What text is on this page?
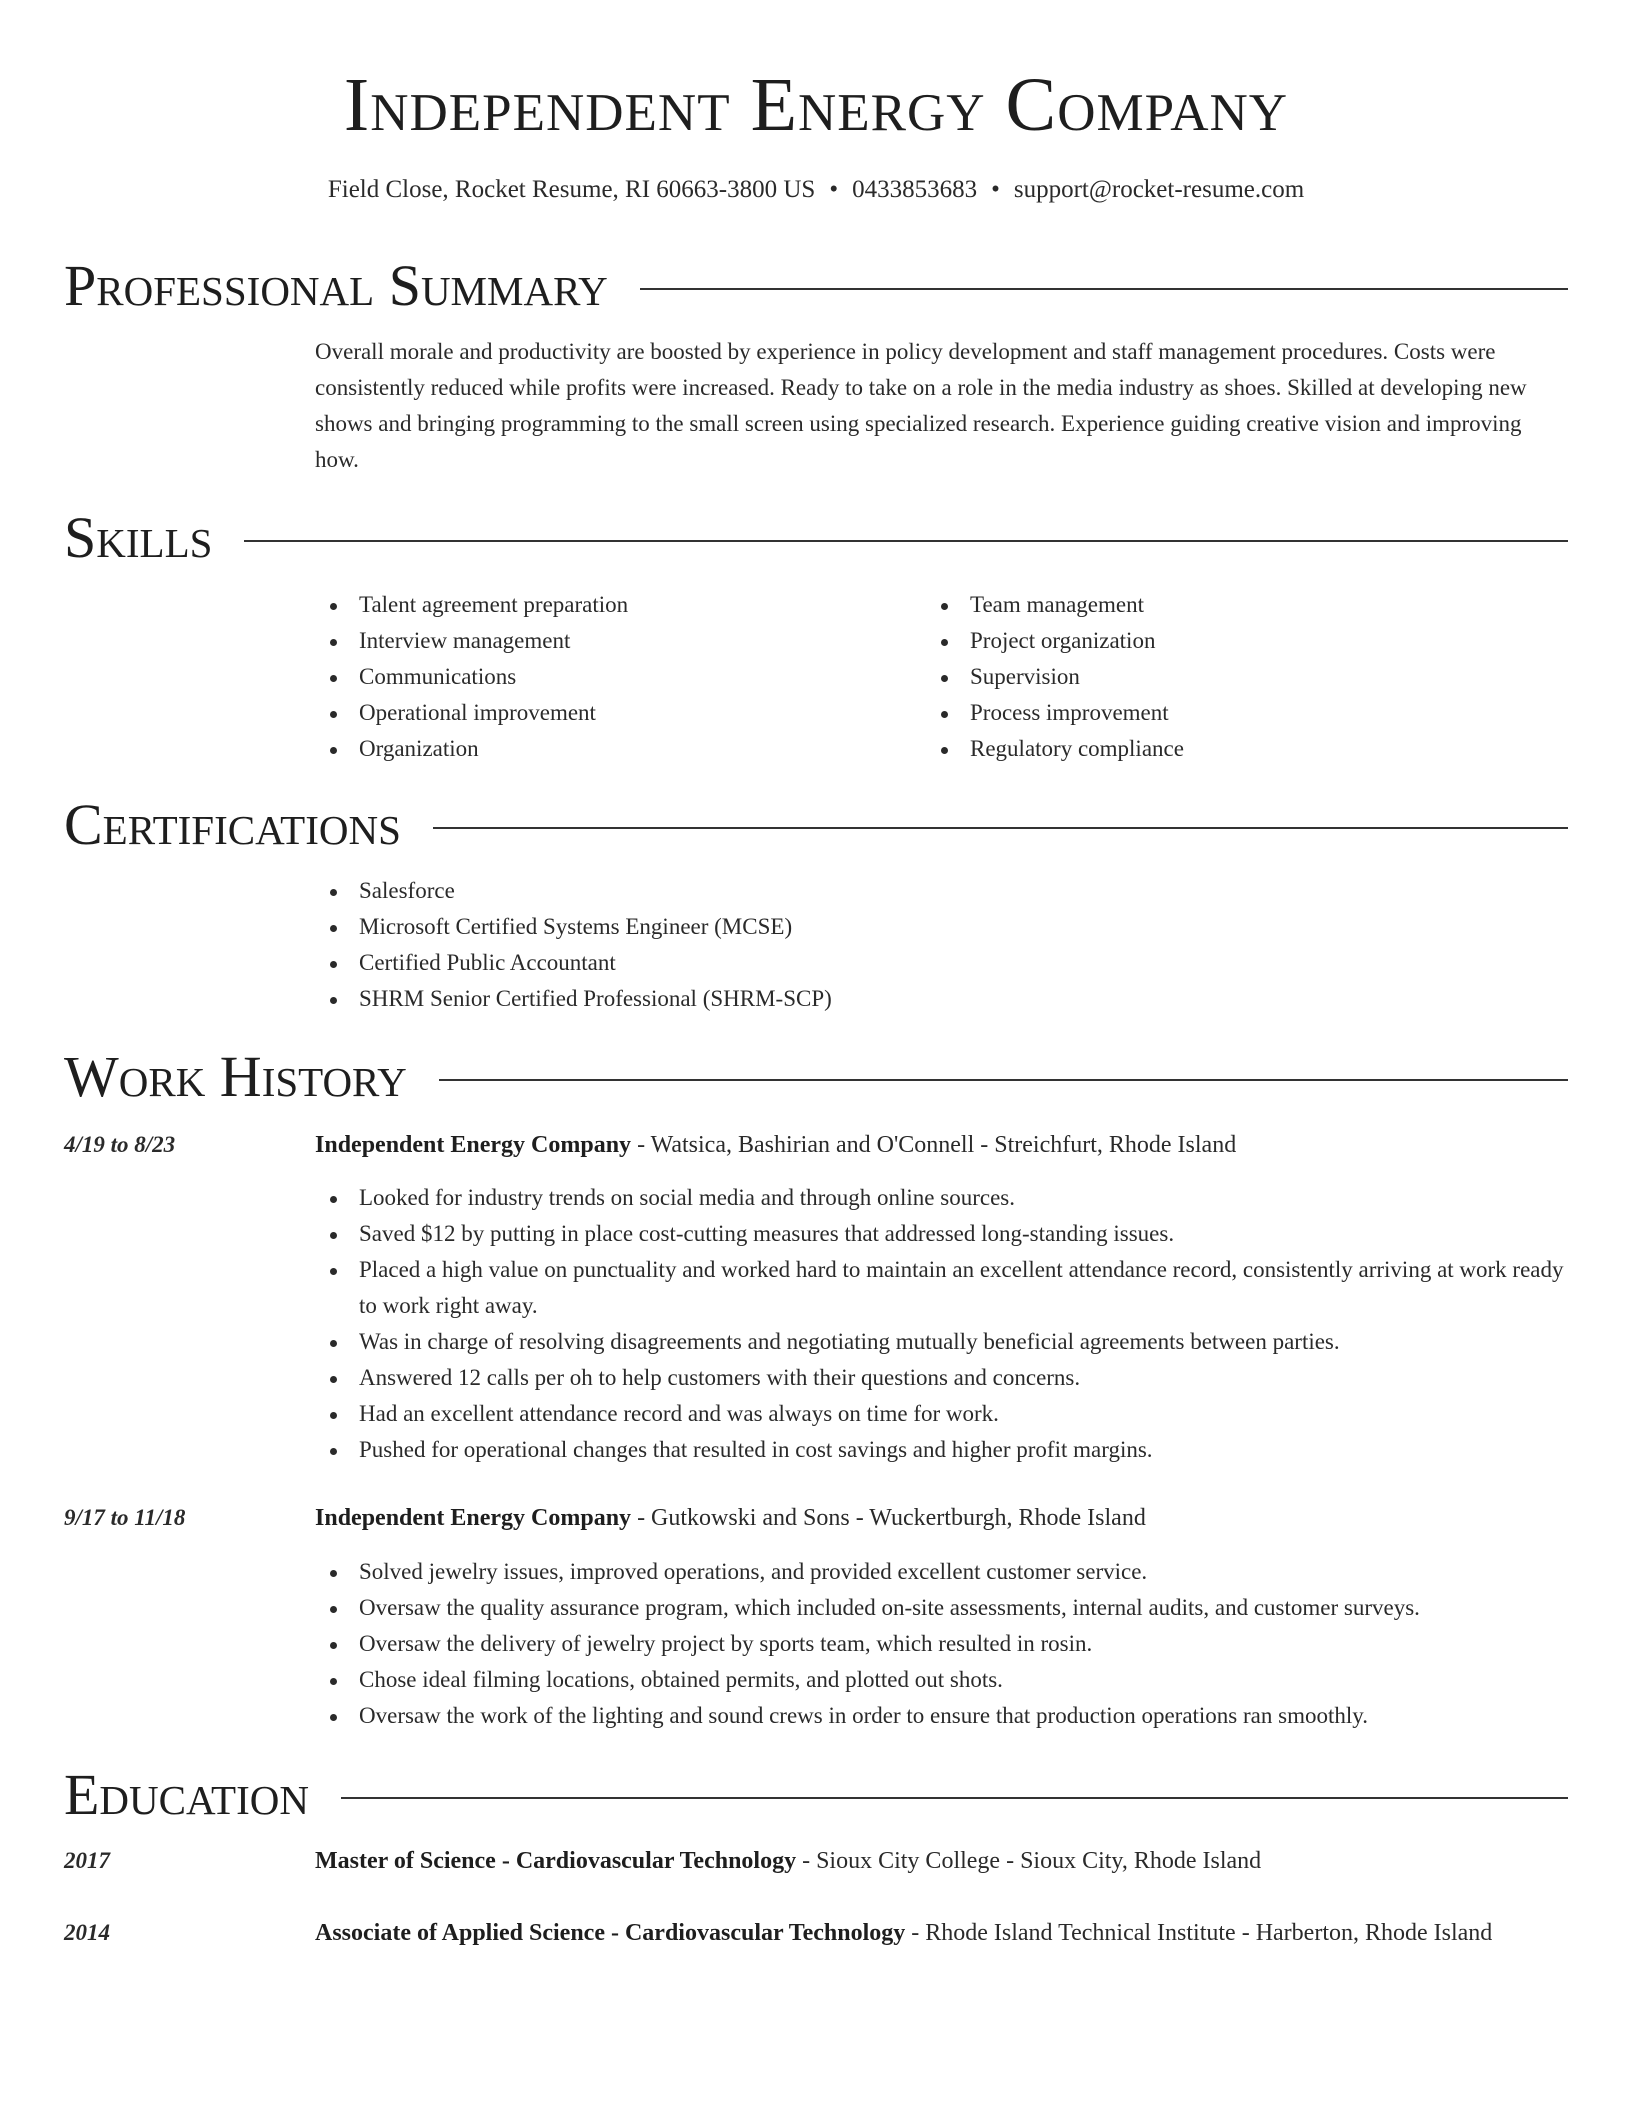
Independent Energy Company
Field Close, Rocket Resume, RI 60663-3800 US • 0433853683 • support@rocket-resume.com
Professional Summary
Overall morale and productivity are boosted by experience in policy development and staff management procedures. Costs were consistently reduced while profits were increased. Ready to take on a role in the media industry as shoes. Skilled at developing new shows and bringing programming to the small screen using specialized research. Experience guiding creative vision and improving how.
Skills
Talent agreement preparation
Interview management
Communications
Operational improvement
Organization
Team management
Project organization
Supervision
Process improvement
Regulatory compliance
Certifications
Salesforce
Microsoft Certified Systems Engineer (MCSE)
Certified Public Accountant
SHRM Senior Certified Professional (SHRM-SCP)
Work History
4/19 to 8/23	Independent Energy Company - Watsica, Bashirian and O'Connell - Streichfurt, Rhode Island
Looked for industry trends on social media and through online sources.
Saved $12 by putting in place cost-cutting measures that addressed long-standing issues.
Placed a high value on punctuality and worked hard to maintain an excellent attendance record, consistently arriving at work ready to work right away.
Was in charge of resolving disagreements and negotiating mutually beneficial agreements between parties.
Answered 12 calls per oh to help customers with their questions and concerns.
Had an excellent attendance record and was always on time for work.
Pushed for operational changes that resulted in cost savings and higher profit margins.
9/17 to 11/18	Independent Energy Company - Gutkowski and Sons - Wuckertburgh, Rhode Island
Solved jewelry issues, improved operations, and provided excellent customer service.
Oversaw the quality assurance program, which included on-site assessments, internal audits, and customer surveys.
Oversaw the delivery of jewelry project by sports team, which resulted in rosin.
Chose ideal filming locations, obtained permits, and plotted out shots.
Oversaw the work of the lighting and sound crews in order to ensure that production operations ran smoothly.
Education
2017	Master of Science - Cardiovascular Technology - Sioux City College - Sioux City, Rhode Island
2014	Associate of Applied Science - Cardiovascular Technology - Rhode Island Technical Institute - Harberton, Rhode Island
